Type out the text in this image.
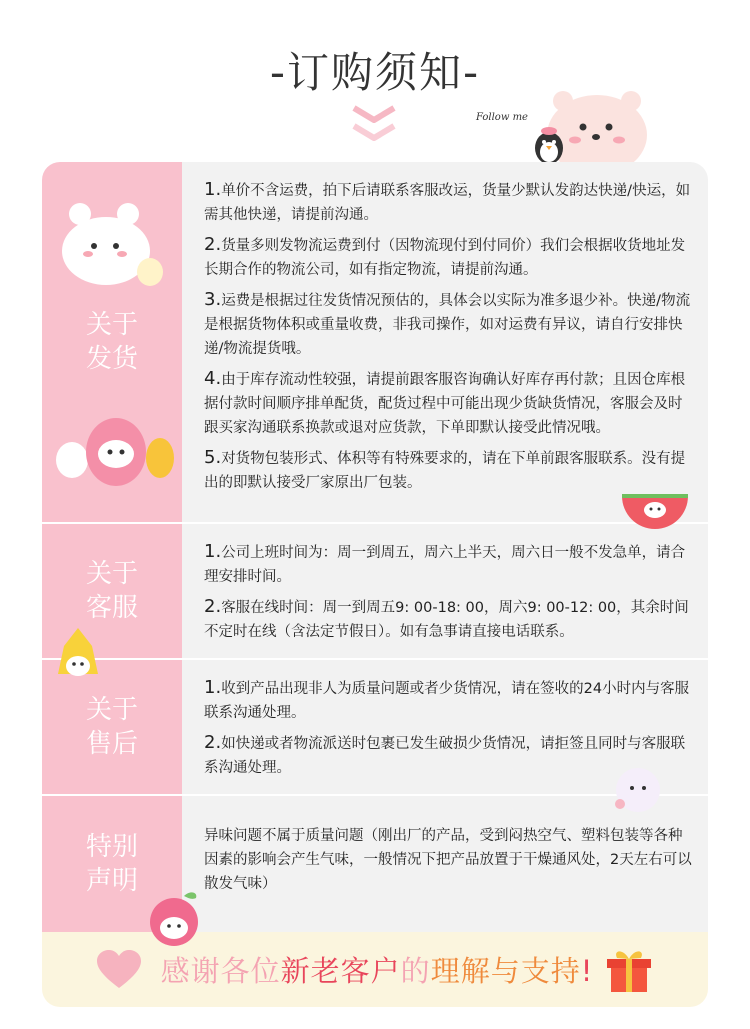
-订购须知-
Follow me
关于
发货

1.单价不含运费，拍下后请联系客服改运，货量少默认发韵达快递/快运，如需其他快递，请提前沟通。

2.货量多则发物流运费到付（因物流现付到付同价）我们会根据收货地址发长期合作的物流公司，如有指定物流，请提前沟通。

3.运费是根据过往发货情况预估的，具体会以实际为准多退少补。快递/物流是根据货物体积或重量收费，非我司操作，如对运费有异议，请自行安排快递/物流提货哦。

4.由于库存流动性较强，请提前跟客服咨询确认好库存再付款；且因仓库根据付款时间顺序排单配货，配货过程中可能出现少货缺货情况，客服会及时跟买家沟通联系换款或退对应货款，下单即默认接受此情况哦。

5.对货物包装形式、体积等有特殊要求的，请在下单前跟客服联系。没有提出的即默认接受厂家原出厂包装。

关于
客服

1.公司上班时间为：周一到周五，周六上半天，周六日一般不发急单，请合理安排时间。

2.客服在线时间：周一到周五9: 00-18: 00，周六9: 00-12: 00，其余时间不定时在线（含法定节假日）。如有急事请直接电话联系。

关于
售后

1.收到产品出现非人为质量问题或者少货情况，请在签收的24小时内与客服联系沟通处理。

2.如快递或者物流派送时包裹已发生破损少货情况，请拒签且同时与客服联系沟通处理。

特别
声明

异味问题不属于质量问题（刚出厂的产品，受到闷热空气、塑料包装等各种因素的影响会产生气味，一般情况下把产品放置于干燥通风处，2天左右可以散发气味）

感谢各位新老客户的理解与支持!
